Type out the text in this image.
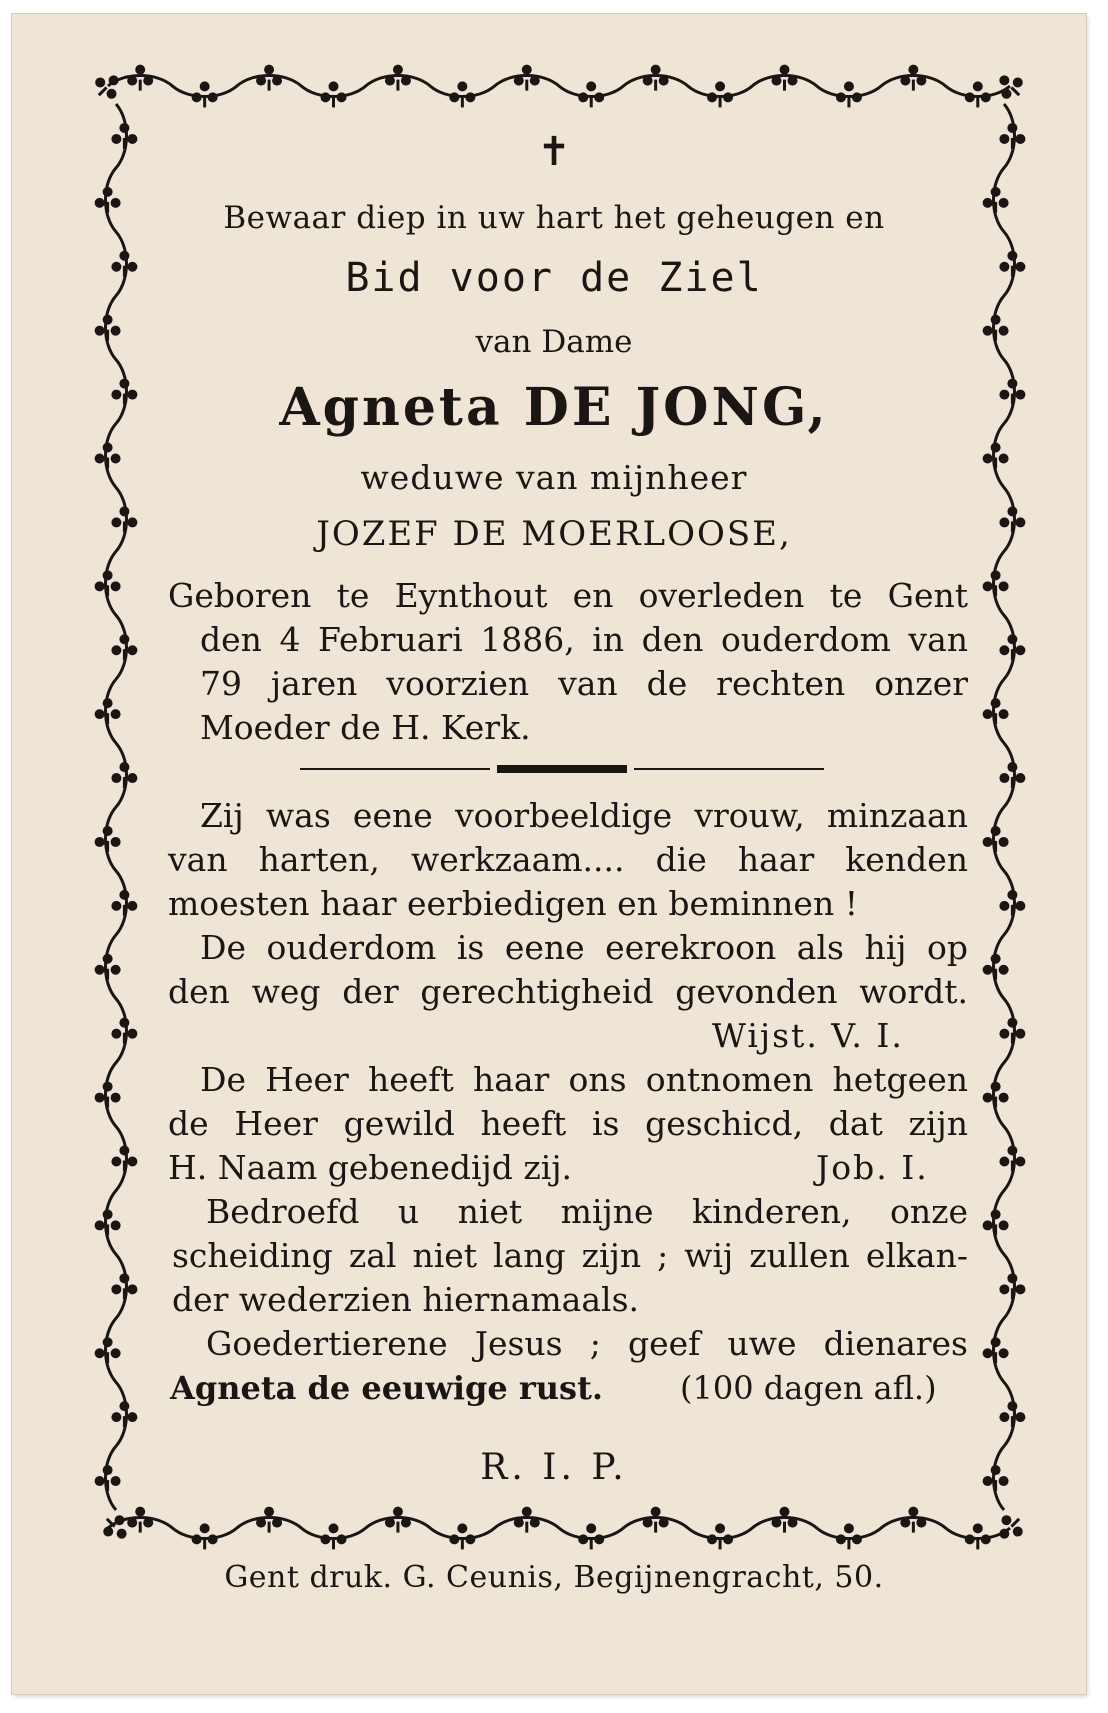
✝
Bewaar diep in uw hart het geheugen en
Bid voor de Ziel
van Dame
Agneta DE JONG,
weduwe van mijnheer
JOZEF DE MOERLOOSE,
Geboren te Eynthout en overleden te Gent
den 4 Februari 1886, in den ouderdom van
79 jaren voorzien van de rechten onzer
Moeder de H. Kerk.
Zij was eene voorbeeldige vrouw, minzaan
van harten, werkzaam.... die haar kenden
moesten haar eerbiedigen en beminnen !
De ouderdom is eene eerekroon als hij op
den weg der gerechtigheid gevonden wordt.
Wijst. V. I.
De Heer heeft haar ons ontnomen hetgeen
de Heer gewild heeft is geschicd, dat zijn
H. Naam gebenedijd zij.	Job. I.
Bedroefd u niet mijne kinderen, onze
scheiding zal niet lang zijn ; wij zullen elkan-
der wederzien hiernamaals.
Goedertierene Jesus ; geef uwe dienares
Agneta de eeuwige rust. (100 dagen afl.)
R. I. P.
Gent druk. G. Ceunis, Begijnengracht, 50.
